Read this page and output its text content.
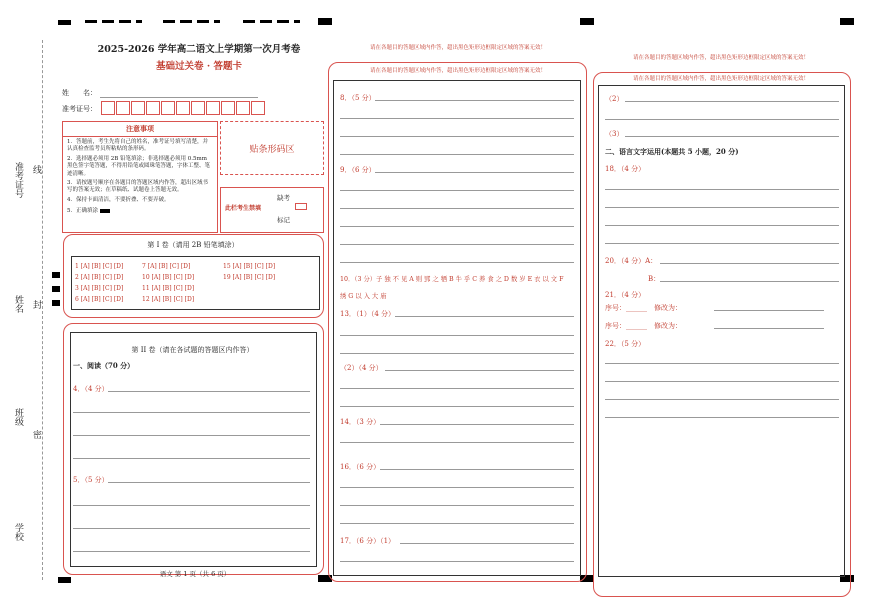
准考证号 线
姓名 封
班级
密
学校
2025-2026 学年高二语文上学期第一次月考卷
基础过关卷 · 答题卡
姓　　名：
准考证号：
注意事项
1．答题前，考生先将自己的姓名，准考证号填写清楚，并认真检查监考员所粘贴的条形码。
2．选择题必须用 2B 铅笔填涂；非选择题必须用 0.5mm 黑色签字笔答题，不得用铅笔或圆珠笔答题，字体工整、笔迹清晰。
3．请按题号顺序在各题目的答题区域内作答，超出区域书写的答案无效；在草稿纸、试题卷上答题无效。
4．保持卡面清洁，不要折叠、不要弄破。
5．正确填涂
贴条形码区
此栏考生禁填
缺考
标记
第 I 卷（请用 2B 铅笔填涂）
1 [A] [B] [C] [D]
2 [A] [B] [C] [D]
3 [A] [B] [C] [D]
6 [A] [B] [C] [D]
7 [A] [B] [C] [D]
10 [A] [B] [C] [D]
11 [A] [B] [C] [D]
12 [A] [B] [C] [D]
15 [A] [B] [C] [D]
19 [A] [B] [C] [D]
第 II 卷（请在各试题的答题区内作答）
一、阅读（70 分）
4．（4 分）
5．（5 分）
语文 第 1 页（共 6 页）
请在各题目的答题区域内作答，超出黑色矩形边框限定区域的答案无效！
请在各题目的答题区域内作答，超出黑色矩形边框限定区域的答案无效！
8．（5 分）
9．（6 分）
10．（3 分）子 独 不 见 A 则 郢 之 牺 B 牛 乎 C 养 食 之 D 数 岁 E 衣 以 文 F
绣 G 以 入 大 庙
13．（1）（4 分）
（2）（4 分）
14．（3 分）
16．（6 分）
17．（6 分）（1）
请在各题目的答题区域内作答，超出黑色矩形边框限定区域的答案无效！
请在各题目的答题区域内作答，超出黑色矩形边框限定区域的答案无效！
（2）
（3）
二、语言文字运用(本题共 5 小题，20 分)
18．（4 分）
20．（4 分）A：
B：
21．（4 分）
序号：______　修改为：
序号：______　修改为：
22．（5 分）
